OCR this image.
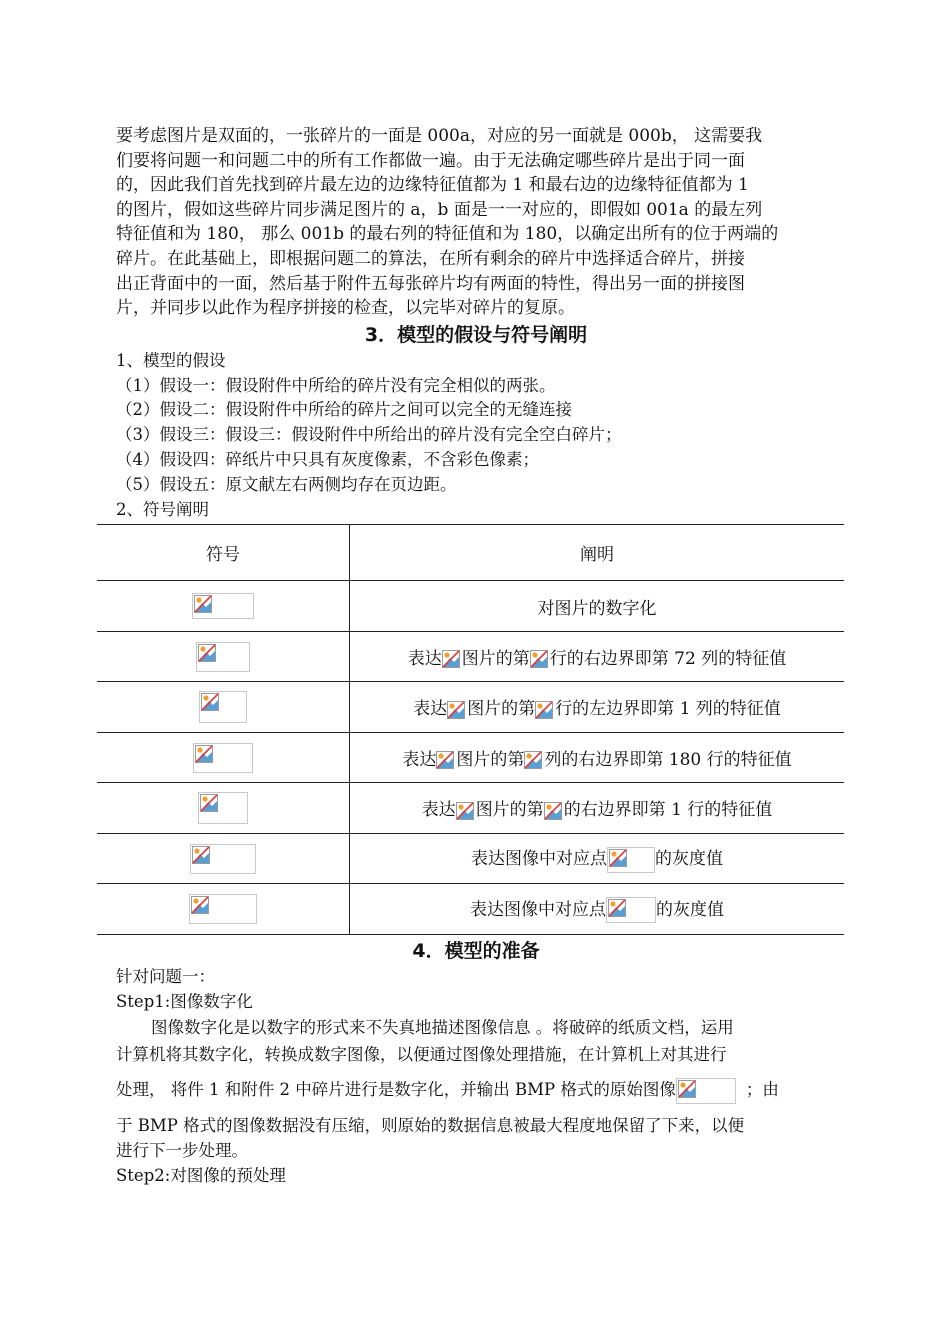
要考虑图片是双面的，一张碎片的一面是 000a，对应的另一面就是 000b， 这需要我
们要将问题一和问题二中的所有工作都做一遍。由于无法确定哪些碎片是出于同一面
的，因此我们首先找到碎片最左边的边缘特征值都为 1 和最右边的边缘特征值都为 1
的图片，假如这些碎片同步满足图片的 a，b 面是一一对应的，即假如 001a 的最左列
特征值和为 180， 那么 001b 的最右列的特征值和为 180，以确定出所有的位于两端的
碎片。在此基础上，即根据问题二的算法，在所有剩余的碎片中选择适合碎片，拼接
出正背面中的一面，然后基于附件五每张碎片均有两面的特性，得出另一面的拼接图
片，并同步以此作为程序拼接的检查，以完毕对碎片的复原。

3．模型的假设与符号阐明

1、模型的假设

（1）假设一：假设附件中所给的碎片没有完全相似的两张。

（2）假设二：假设附件中所给的碎片之间可以完全的无缝连接

（3）假设三：假设三：假设附件中所给出的碎片没有完全空白碎片；

（4）假设四：碎纸片中只具有灰度像素，不含彩色像素；

（5）假设五：原文献左右两侧均存在页边距。

2、符号阐明

符号	阐明

	对图片的数字化

	表达 图片的第 行的右边界即第 72 列的特征值

	表达 图片的第 行的左边界即第 1 列的特征值

	表达 图片的第 列的右边界即第 180 行的特征值

	表达 图片的第 的右边界即第 1 行的特征值

	表达图像中对应点 的灰度值

	表达图像中对应点 的灰度值
4．模型的准备

针对问题一：

Step1:图像数字化

图像数字化是以数字的形式来不失真地描述图像信息 。将破碎的纸质文档，运用

计算机将其数字化，转换成数字图像，以便通过图像处理措施，在计算机上对其进行

处理， 将件 1 和附件 2 中碎片进行是数字化，并输出 BMP 格式的原始图像	；由

于 BMP 格式的图像数据没有压缩，则原始的数据信息被最大程度地保留了下来，以便

进行下一步处理。

Step2:对图像的预处理
